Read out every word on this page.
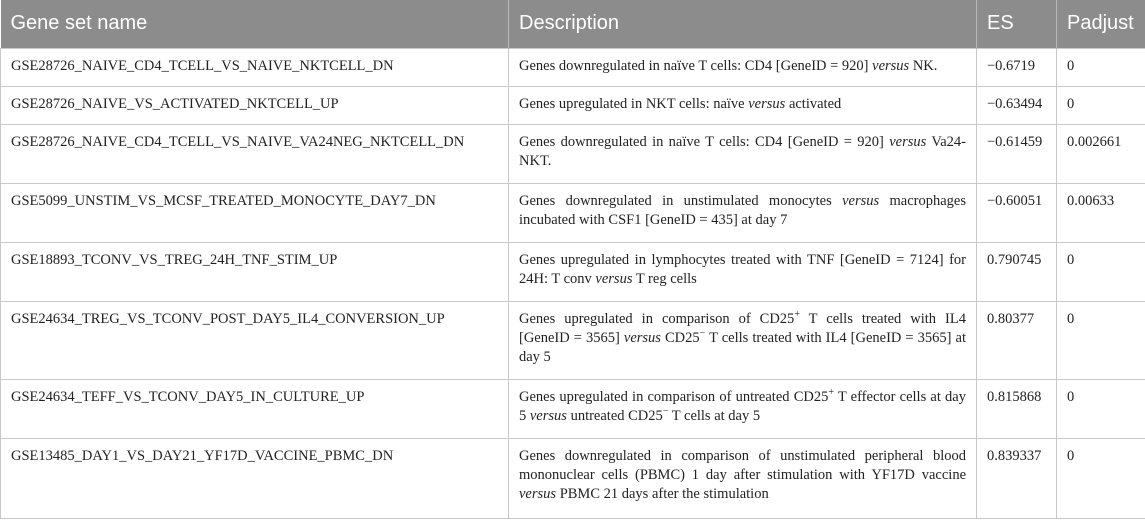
Gene set name	Description	ES	Padjust
GSE28726_NAIVE_CD4_TCELL_VS_NAIVE_NKTCELL_DN	Genes downregulated in naïve T cells: CD4 [GeneID = 920] versus NK.	−0.6719	0
GSE28726_NAIVE_VS_ACTIVATED_NKTCELL_UP	Genes upregulated in NKT cells: naïve versus activated	−0.63494	0
GSE28726_NAIVE_CD4_TCELL_VS_NAIVE_VA24NEG_NKTCELL_DN	Genes downregulated in naïve T cells: CD4 [GeneID = 920] versus Va24- NKT.	−0.61459	0.002661
GSE5099_UNSTIM_VS_MCSF_TREATED_MONOCYTE_DAY7_DN	Genes downregulated in unstimulated monocytes versus macrophages incubated with CSF1 [GeneID = 435] at day 7	−0.60051	0.00633
GSE18893_TCONV_VS_TREG_24H_TNF_STIM_UP	Genes upregulated in lymphocytes treated with TNF [GeneID = 7124] for 24H: T conv versus T reg cells	0.790745	0
GSE24634_TREG_VS_TCONV_POST_DAY5_IL4_CONVERSION_UP	Genes upregulated in comparison of CD25+ T cells treated with IL4 [GeneID = 3565] versus CD25− T cells treated with IL4 [GeneID = 3565] at day 5	0.80377	0
GSE24634_TEFF_VS_TCONV_DAY5_IN_CULTURE_UP	Genes upregulated in comparison of untreated CD25+ T effector cells at day 5 versus untreated CD25− T cells at day 5	0.815868	0
GSE13485_DAY1_VS_DAY21_YF17D_VACCINE_PBMC_DN	Genes downregulated in comparison of unstimulated peripheral blood mononuclear cells (PBMC) 1 day after stimulation with YF17D vaccine versus PBMC 21 days after the stimulation	0.839337	0
